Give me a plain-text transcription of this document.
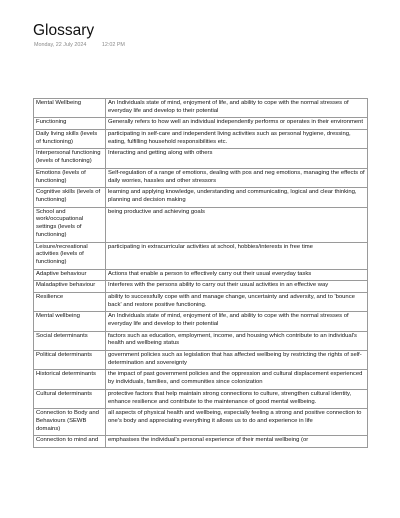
Glossary
Monday, 22 July 2024	12:02 PM
Mental Wellbeing	An Individuals state of mind, enjoyment of life, and ability to cope with the normal stresses of everyday life and develop to their potential
Functioning	Generally refers to how well an individual independently performs or operates in their environment
Daily living skills (levels of functioning)	participating in self-care and independent living activities such as personal hygiene, dressing, eating, fulfilling household responsibilities etc.
Interpersonal functioning (levels of functioning)	Interacting and getting along with others
Emotions (levels of functioning)	Self-regulation of a range of emotions, dealing with pos and neg emotions, managing the effects of daily worries, hassles and other stressors
Cognitive skills (levels of functioning)	learning and applying knowledge, understanding and communicating, logical and clear thinking, planning and decision making
School and work/occupational settings (levels of functioning)	being productive and achieving goals
Leisure/recreational activities (levels of functioning)	participating in extracurricular activities at school, hobbies/interests in free time
Adaptive behaviour	Actions that enable a person to effectively carry out their usual everyday tasks
Maladaptive behaviour	Interferes with the persons ability to carry out their usual activities in an effective way
Resilience	ability to successfully cope with and manage change, uncertainty and adversity, and to 'bounce back' and restore positive functioning.
Mental wellbeing	An Individuals state of mind, enjoyment of life, and ability to cope with the normal stresses of everyday life and develop to their potential
Social determinants	factors such as education, employment, income, and housing which contribute to an individual's health and wellbeing status
Political determinants	government policies such as legislation that has affected wellbeing by restricting the rights of self-determination and sovereignty
Historical determinants	the impact of past government policies and the oppression and cultural displacement experienced by individuals, families, and communities since colonization
Cultural determinants	protective factors that help maintain strong connections to culture, strengthen cultural identity, enhance resilience and contribute to the maintenance of good mental wellbeing.
Connection to Body and Behaviours (SEWB domains)	all aspects of physical health and wellbeing, especially feeling a strong and positive connection to one's body and appreciating everything it allows us to do and experience in life
Connection to mind and	emphasises the individual's personal experience of their mental wellbeing (or
